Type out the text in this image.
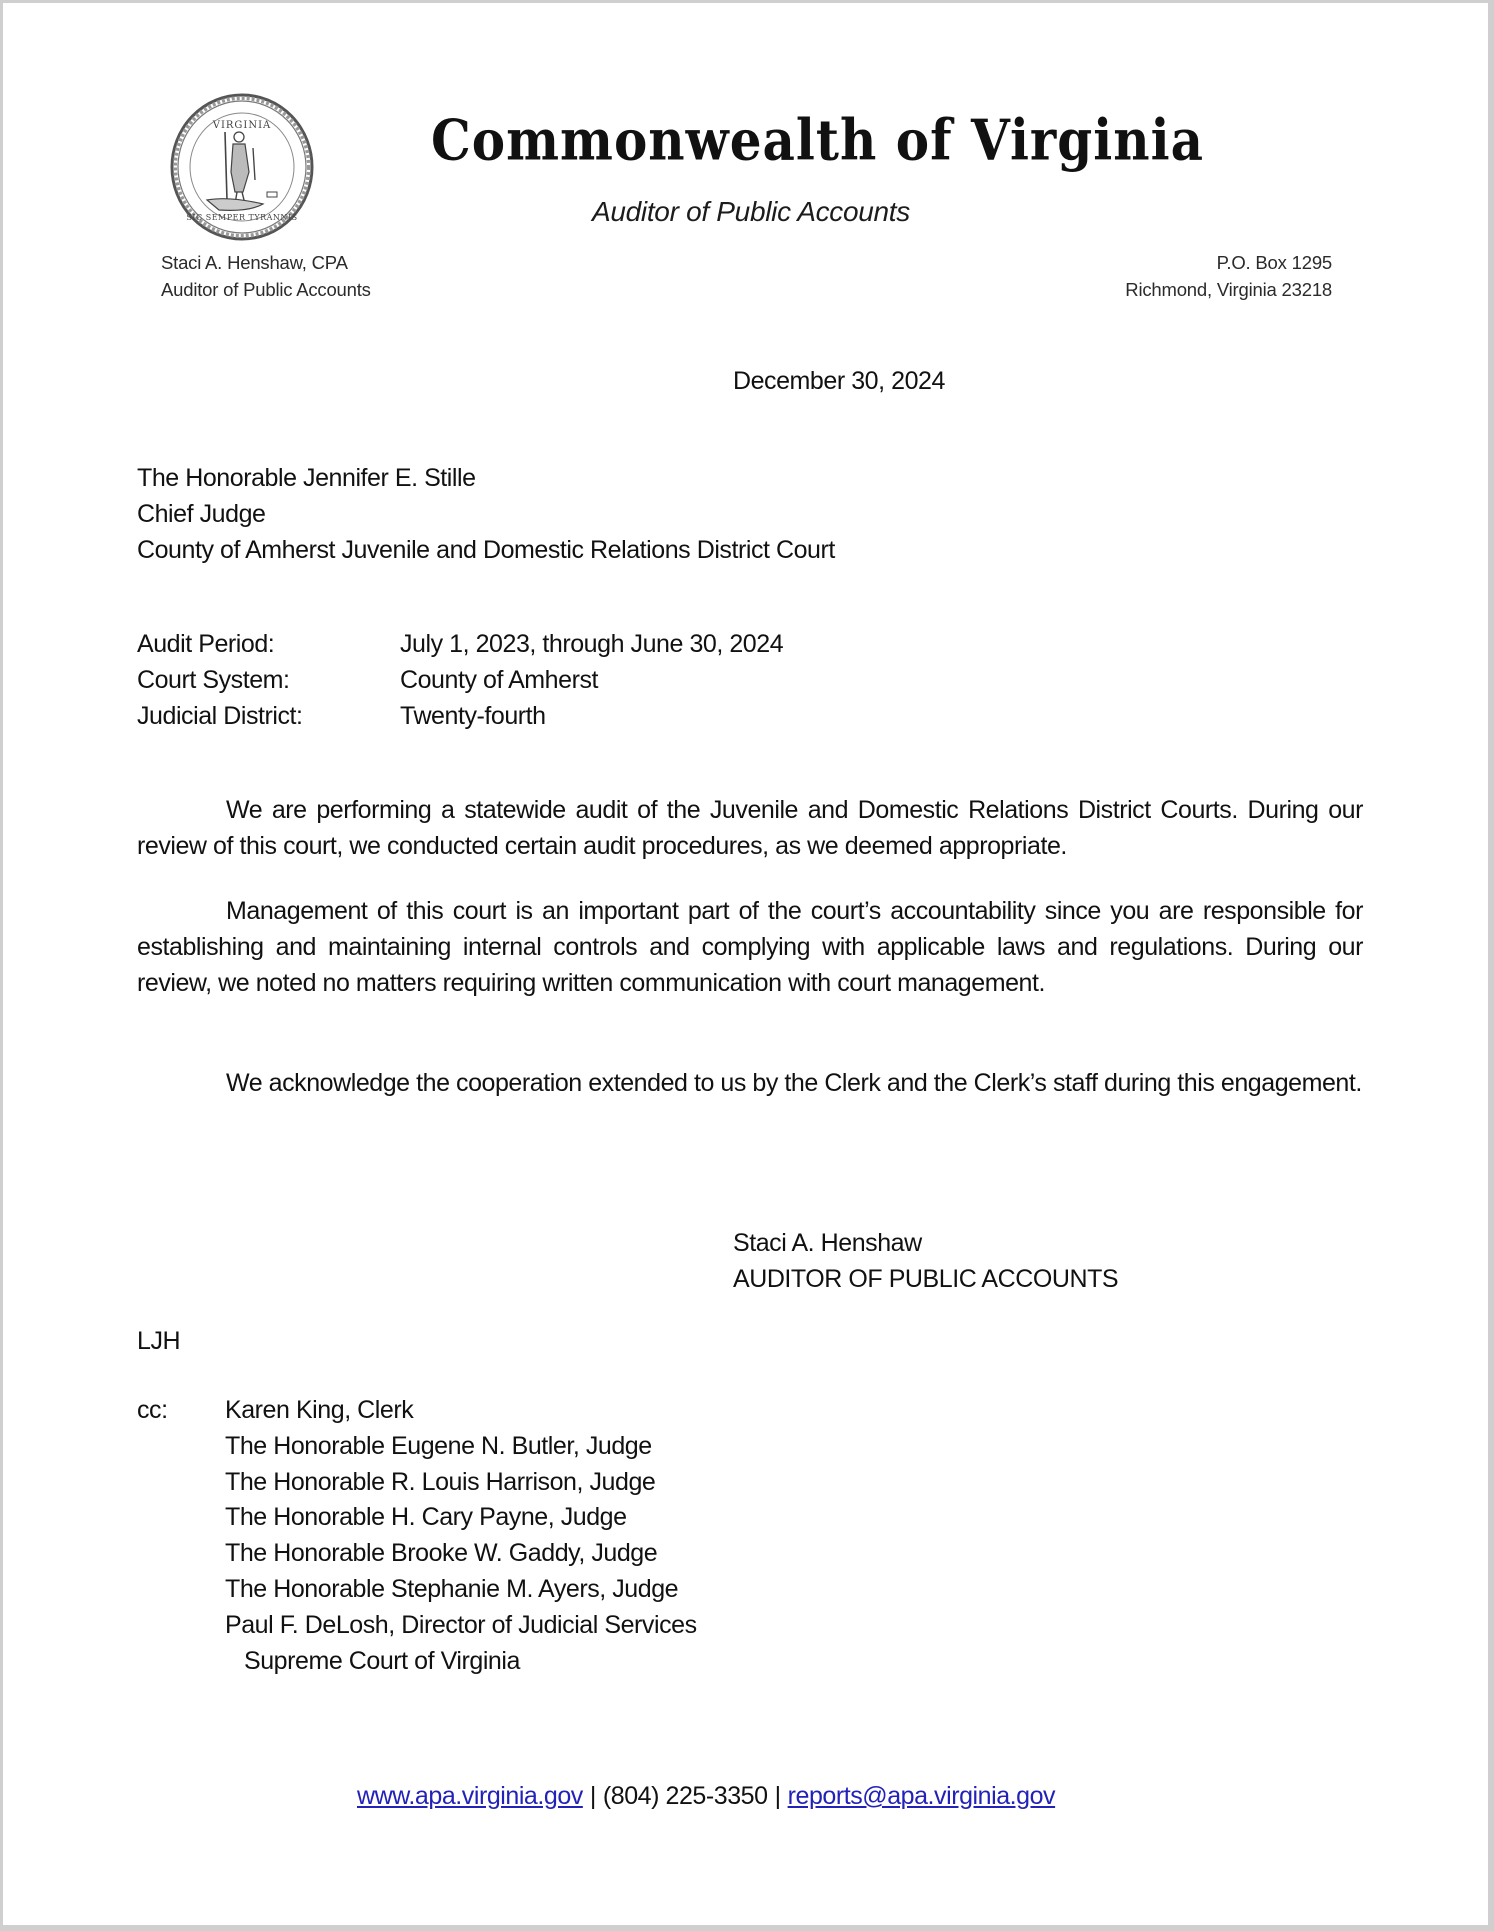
VIRGINIA
SIC SEMPER TYRANNIS
Commonwealth of Virginia
Auditor of Public Accounts
Staci A. Henshaw, CPA
Auditor of Public Accounts
P.O. Box 1295
Richmond, Virginia 23218
December 30, 2024
The Honorable Jennifer E. Stille
Chief Judge
County of Amherst Juvenile and Domestic Relations District Court
Audit Period:	July 1, 2023, through June 30, 2024
Court System:	County of Amherst
Judicial District:	Twenty-fourth

We are performing a statewide audit of the Juvenile and Domestic Relations District Courts. During our review of this court, we conducted certain audit procedures, as we deemed appropriate.

Management of this court is an important part of the court’s accountability since you are responsible for establishing and maintaining internal controls and complying with applicable laws and regulations. During our review, we noted no matters requiring written communication with court management.

We acknowledge the cooperation extended to us by the Clerk and the Clerk’s staff during this engagement.

Staci A. Henshaw
AUDITOR OF PUBLIC ACCOUNTS
LJH
cc:	Karen King, Clerk
The Honorable Eugene N. Butler, Judge
The Honorable R. Louis Harrison, Judge
The Honorable H. Cary Payne, Judge
The Honorable Brooke W. Gaddy, Judge
The Honorable Stephanie M. Ayers, Judge
Paul F. DeLosh, Director of Judicial Services
Supreme Court of Virginia
www.apa.virginia.gov | (804) 225-3350 | reports@apa.virginia.gov
